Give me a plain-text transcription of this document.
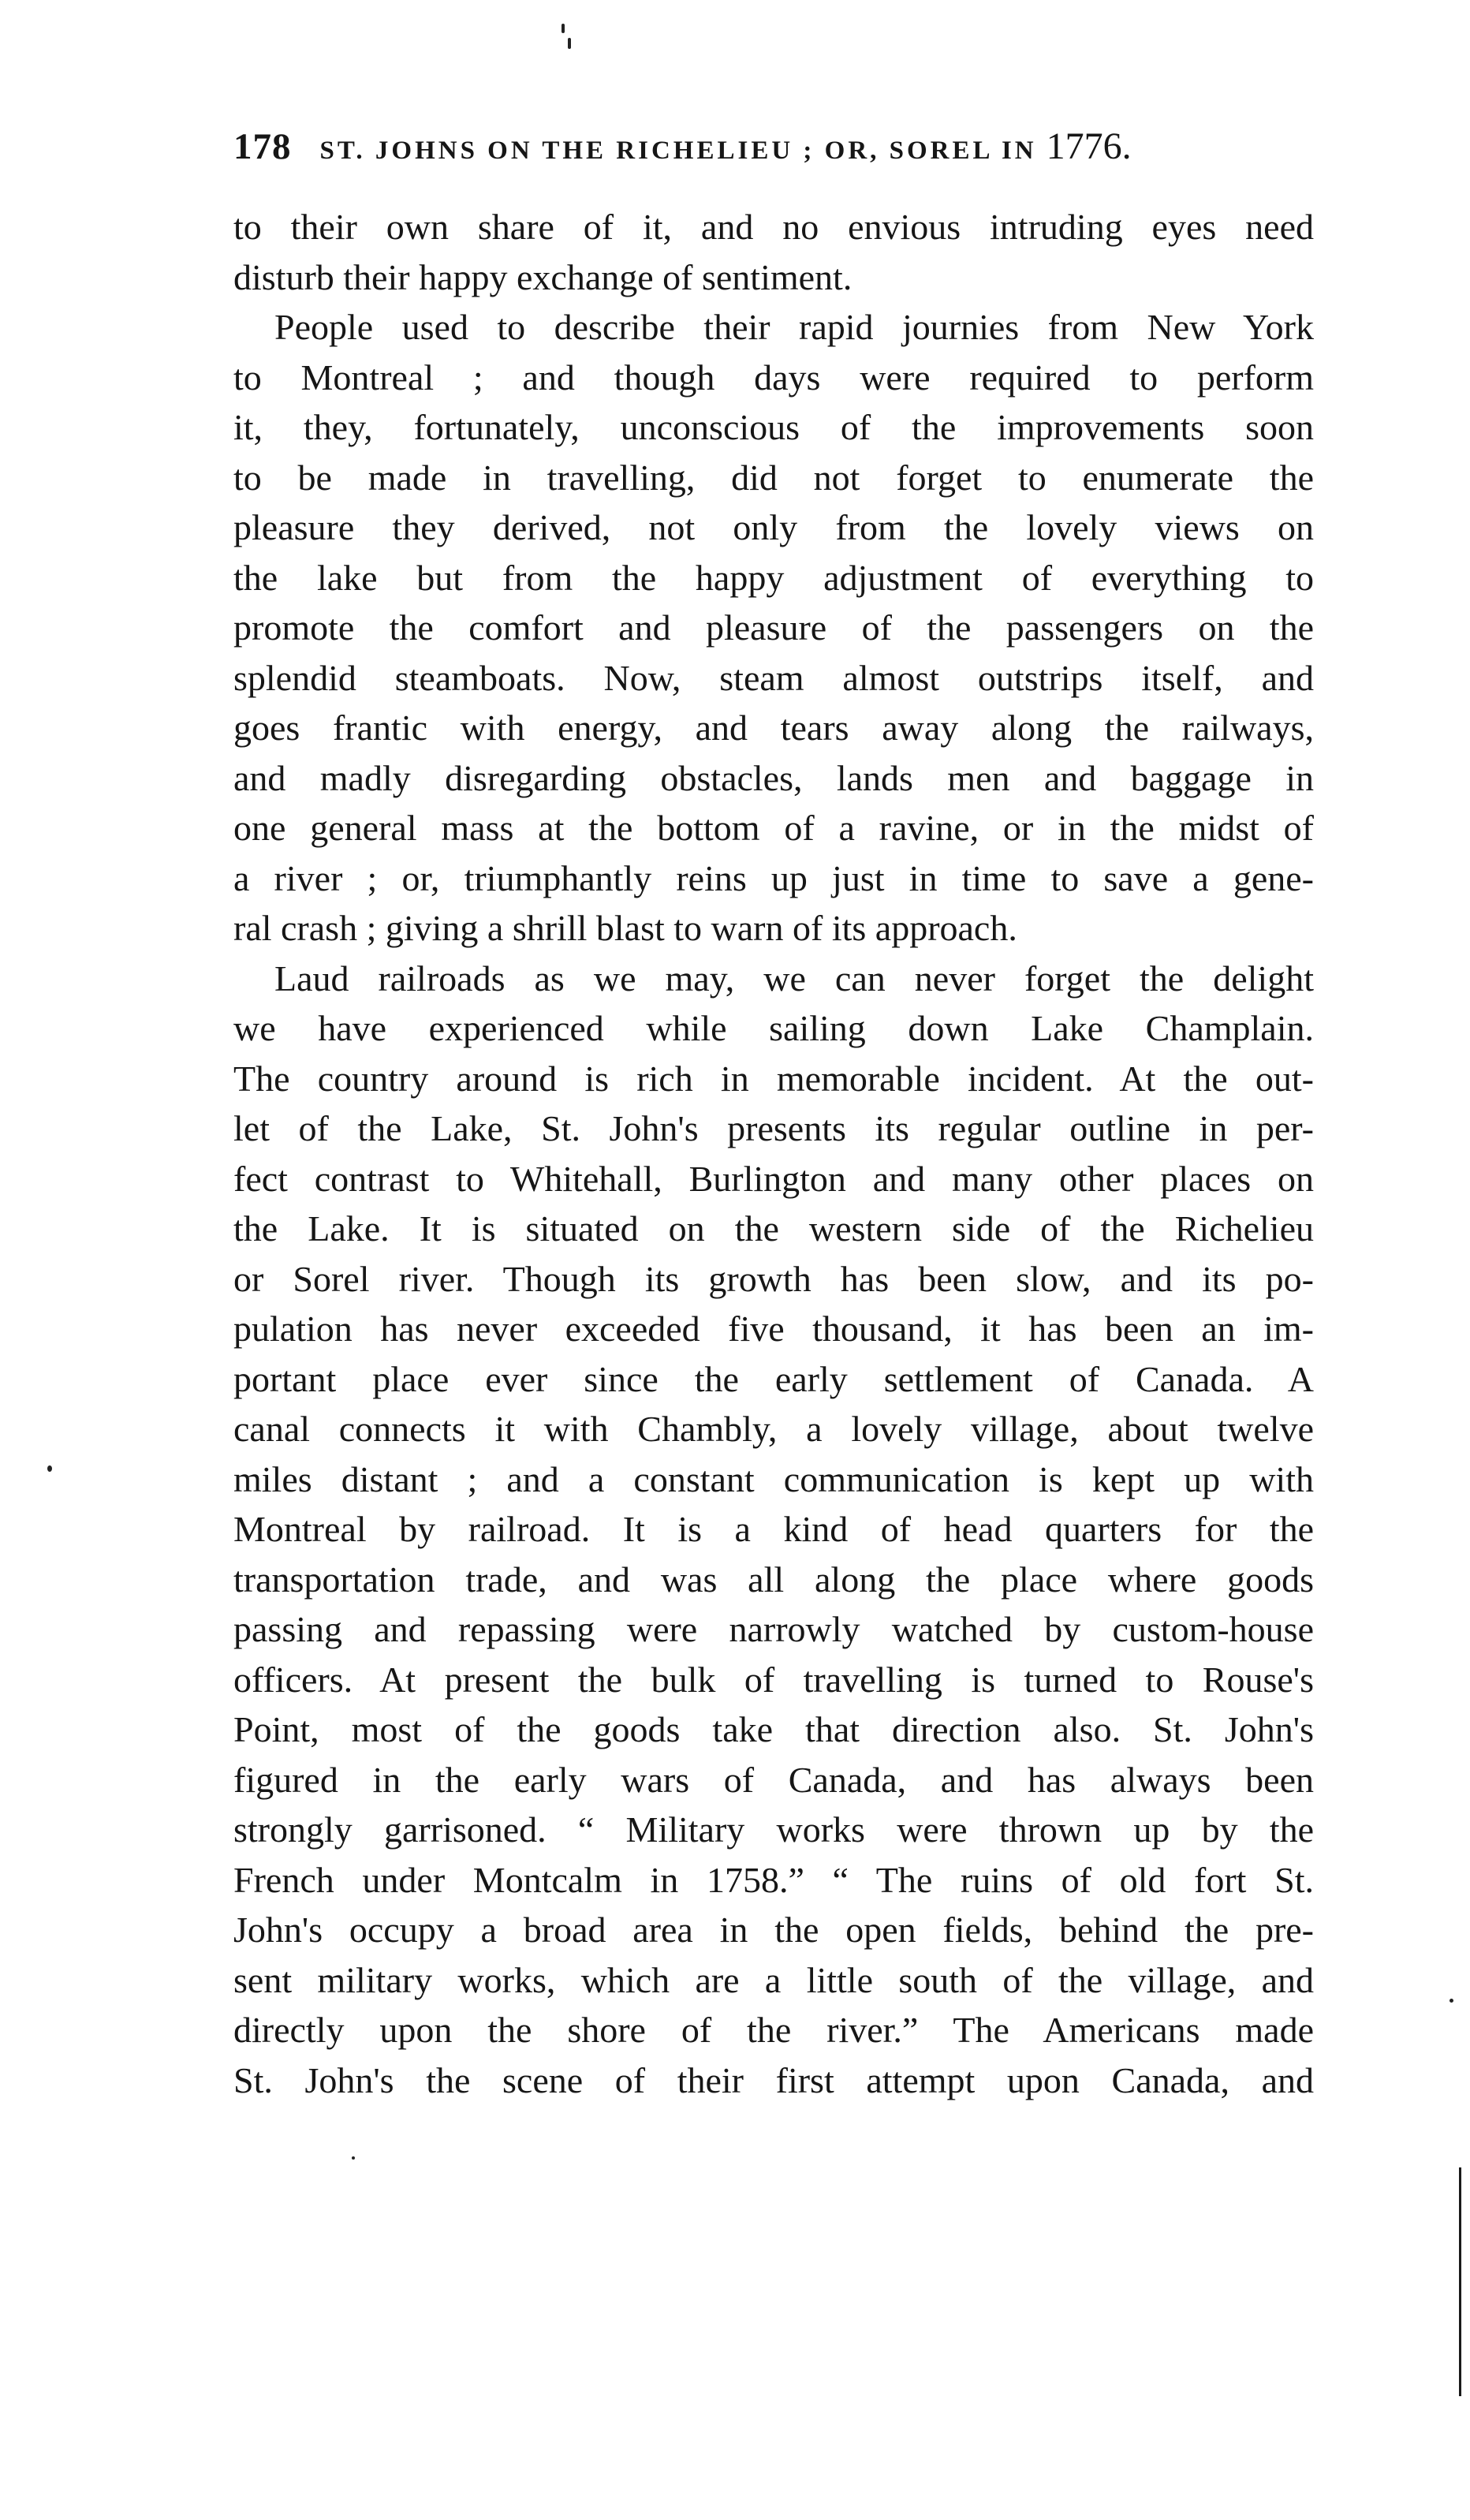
178 ST. JOHNS ON THE RICHELIEU ; OR, SOREL IN 1776.
to their own share of it, and no envious intruding eyes need
disturb their happy exchange of sentiment.
People used to describe their rapid journies from New York
to Montreal ; and though days were required to perform
it, they, fortunately, unconscious of the improvements soon
to be made in travelling, did not forget to enumerate the
pleasure they derived, not only from the lovely views on
the lake but from the happy adjustment of everything to
promote the comfort and pleasure of the passengers on the
splendid steamboats. Now, steam almost outstrips itself, and
goes frantic with energy, and tears away along the railways,
and madly disregarding obstacles, lands men and baggage in
one general mass at the bottom of a ravine, or in the midst of
a river ; or, triumphantly reins up just in time to save a gene-
ral crash ; giving a shrill blast to warn of its approach.
Laud railroads as we may, we can never forget the delight
we have experienced while sailing down Lake Champlain.
The country around is rich in memorable incident. At the out-
let of the Lake, St. John's presents its regular outline in per-
fect contrast to Whitehall, Burlington and many other places on
the Lake. It is situated on the western side of the Richelieu
or Sorel river. Though its growth has been slow, and its po-
pulation has never exceeded five thousand, it has been an im-
portant place ever since the early settlement of Canada. A
canal connects it with Chambly, a lovely village, about twelve
miles distant ; and a constant communication is kept up with
Montreal by railroad. It is a kind of head quarters for the
transportation trade, and was all along the place where goods
passing and repassing were narrowly watched by custom-house
officers. At present the bulk of travelling is turned to Rouse's
Point, most of the goods take that direction also. St. John's
figured in the early wars of Canada, and has always been
strongly garrisoned. “ Military works were thrown up by the
French under Montcalm in 1758.” “ The ruins of old fort St.
John's occupy a broad area in the open fields, behind the pre-
sent military works, which are a little south of the village, and
directly upon the shore of the river.” The Americans made
St. John's the scene of their first attempt upon Canada, and
